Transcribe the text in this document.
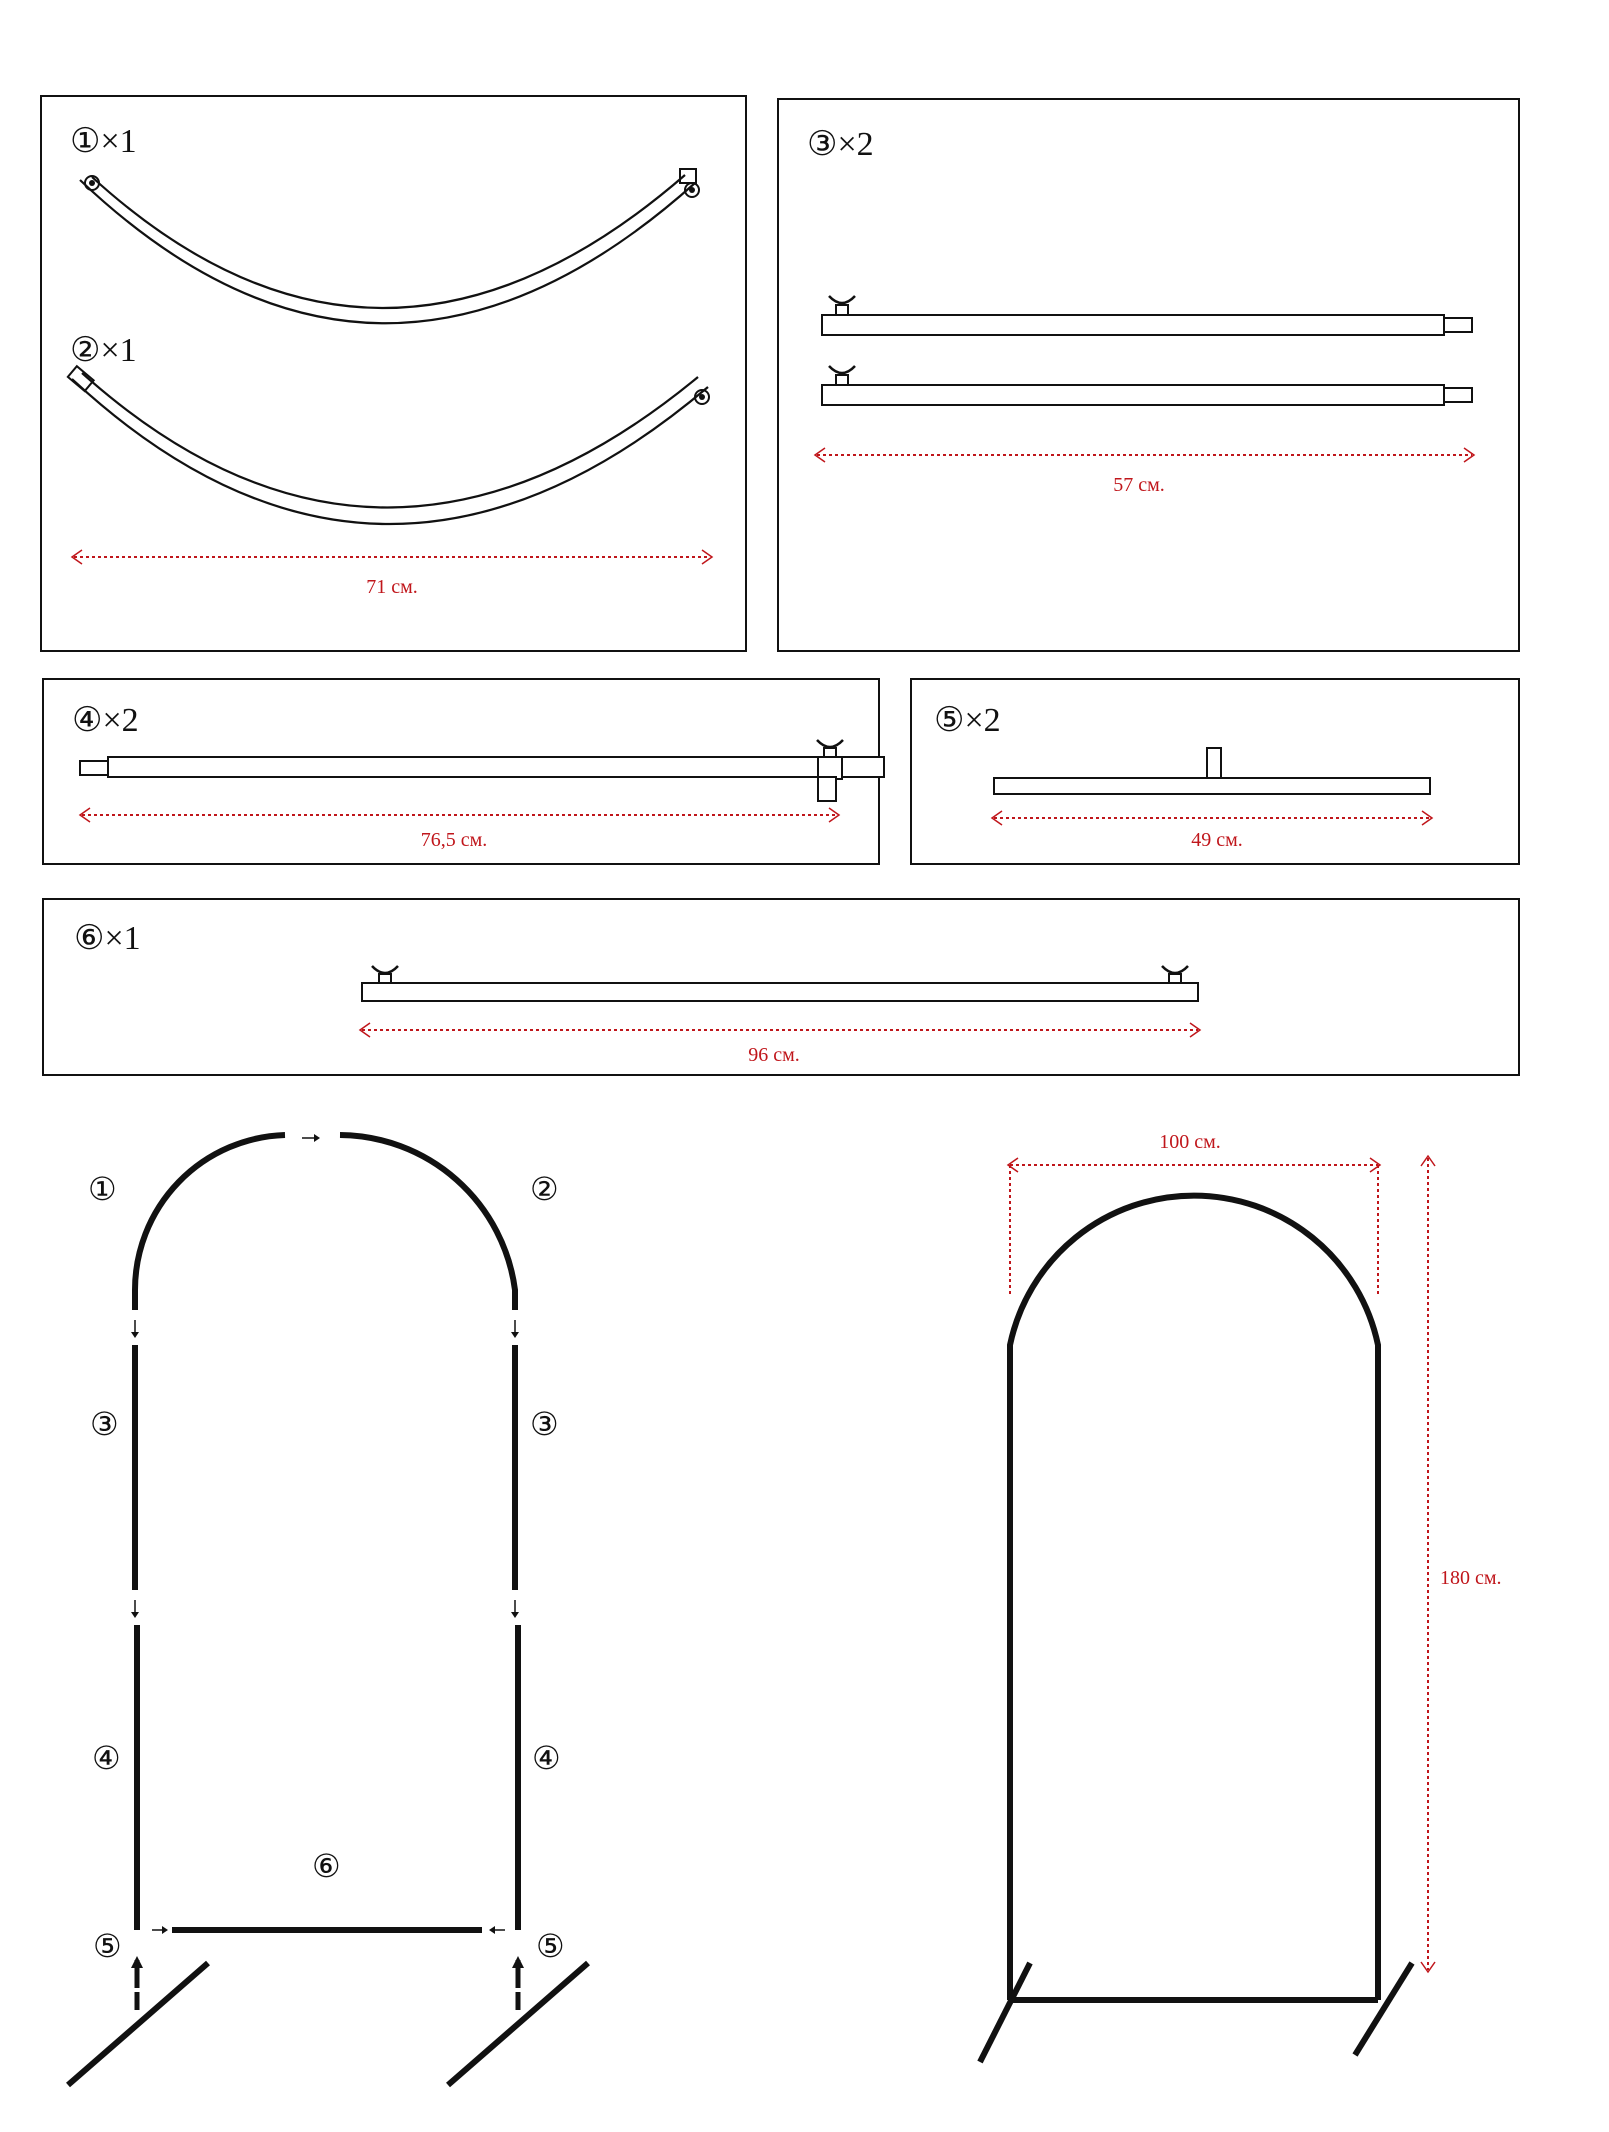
①×1
②×1
71 см.
③×2
57 см.
④×2
76,5 см.
⑤×2
49 см.
⑥×1
96 см.
①	②
③	③
④	④
⑥
⑤	⑤
100 см.
180 см.
